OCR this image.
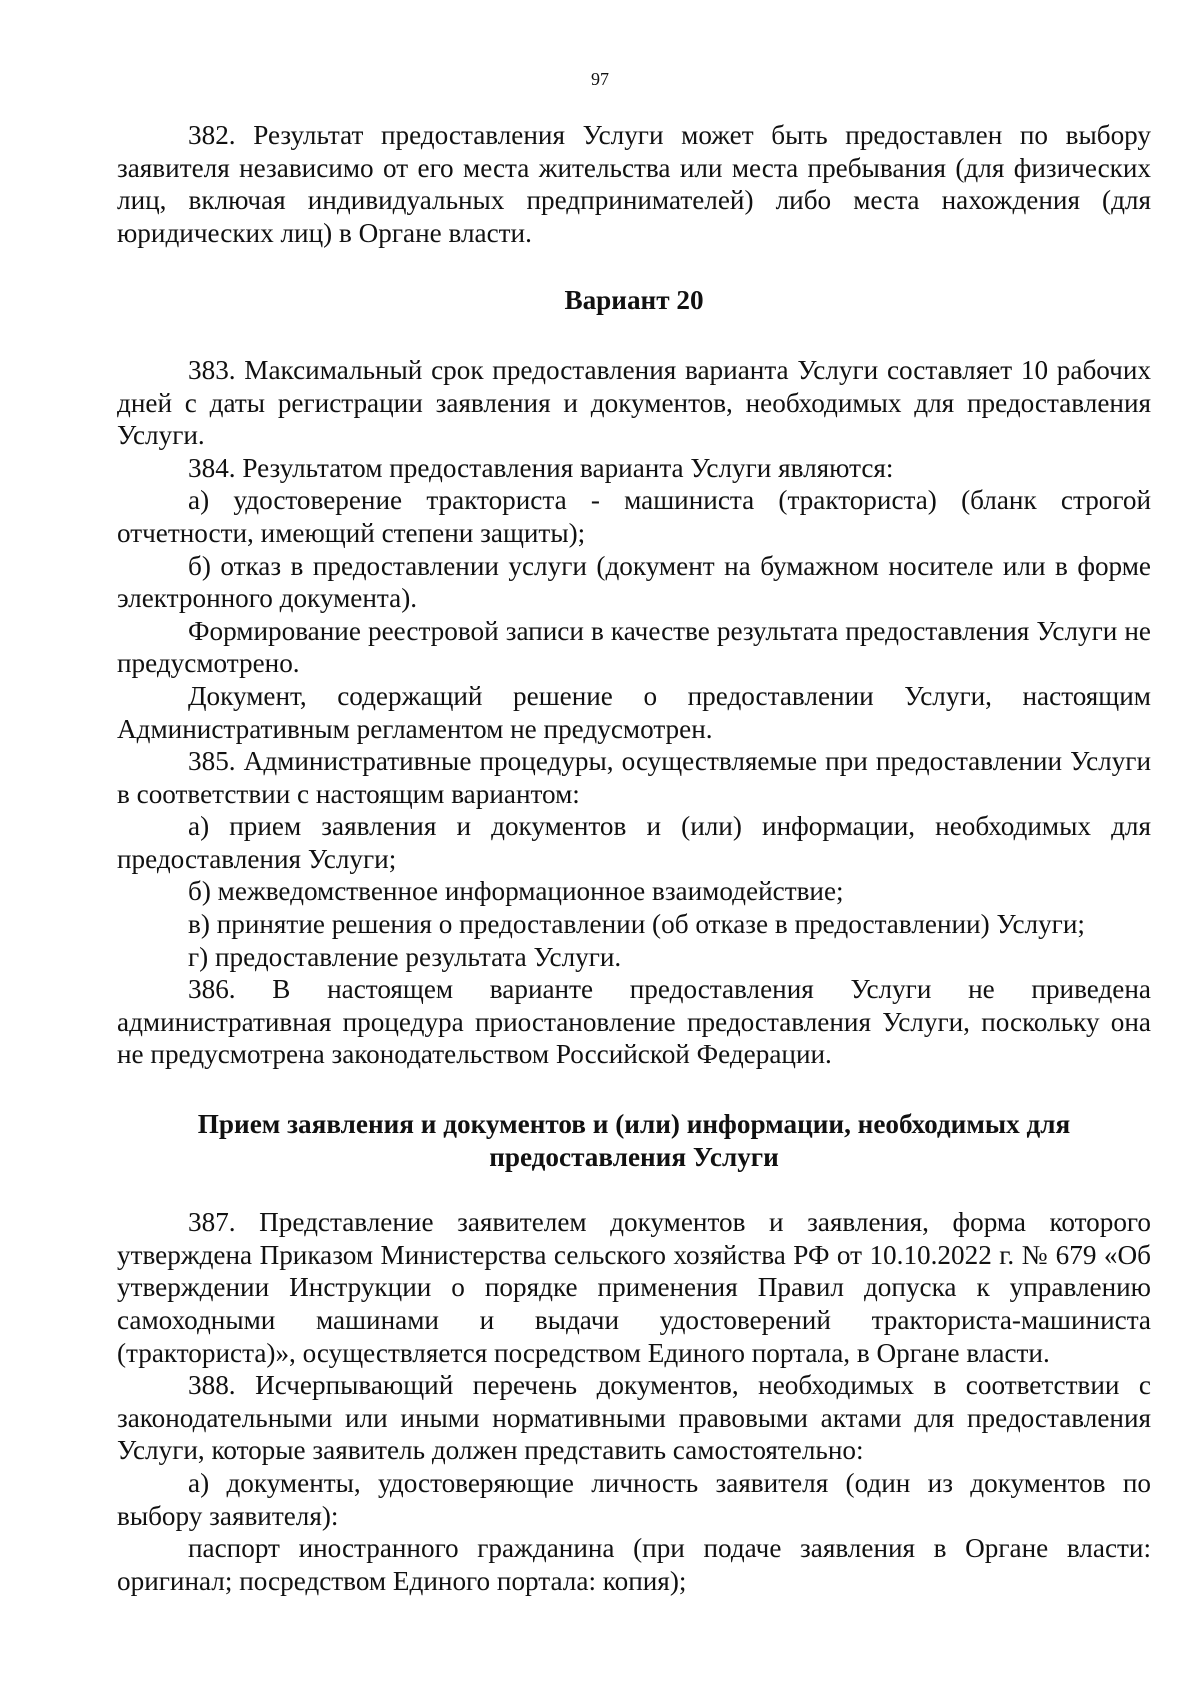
97

382. Результат предоставления Услуги может быть предоставлен по выбору заявителя независимо от его места жительства или места пребывания (для физических лиц, включая индивидуальных предпринимателей) либо места нахождения (для юридических лиц) в Органе власти.

Вариант 20

383. Максимальный срок предоставления варианта Услуги составляет 10 рабочих дней с даты регистрации заявления и документов, необходимых для предоставления Услуги.

384. Результатом предоставления варианта Услуги являются:

а) удостоверение тракториста - машиниста (тракториста) (бланк строгой отчетности, имеющий степени защиты);

б) отказ в предоставлении услуги (документ на бумажном носителе или в форме электронного документа).

Формирование реестровой записи в качестве результата предоставления Услуги не предусмотрено.

Документ, содержащий решение о предоставлении Услуги, настоящим Административным регламентом не предусмотрен.

385. Административные процедуры, осуществляемые при предоставлении Услуги в соответствии с настоящим вариантом:

а) прием заявления и документов и (или) информации, необходимых для предоставления Услуги;

б) межведомственное информационное взаимодействие;

в) принятие решения о предоставлении (об отказе в предоставлении) Услуги;

г) предоставление результата Услуги.

386. В настоящем варианте предоставления Услуги не приведена административная процедура приостановление предоставления Услуги, поскольку она не предусмотрена законодательством Российской Федерации.

Прием заявления и документов и (или) информации, необходимых для предоставления Услуги

387. Представление заявителем документов и заявления, форма которого утверждена Приказом Министерства сельского хозяйства РФ от 10.10.2022 г. № 679 «Об утверждении Инструкции о порядке применения Правил допуска к управлению самоходными машинами и выдачи удостоверений тракториста-машиниста (тракториста)», осуществляется посредством Единого портала, в Органе власти.

388. Исчерпывающий перечень документов, необходимых в соответствии с законодательными или иными нормативными правовыми актами для предоставления Услуги, которые заявитель должен представить самостоятельно:

а) документы, удостоверяющие личность заявителя (один из документов по выбору заявителя):

паспорт иностранного гражданина (при подаче заявления в Органе власти: оригинал; посредством Единого портала: копия);
